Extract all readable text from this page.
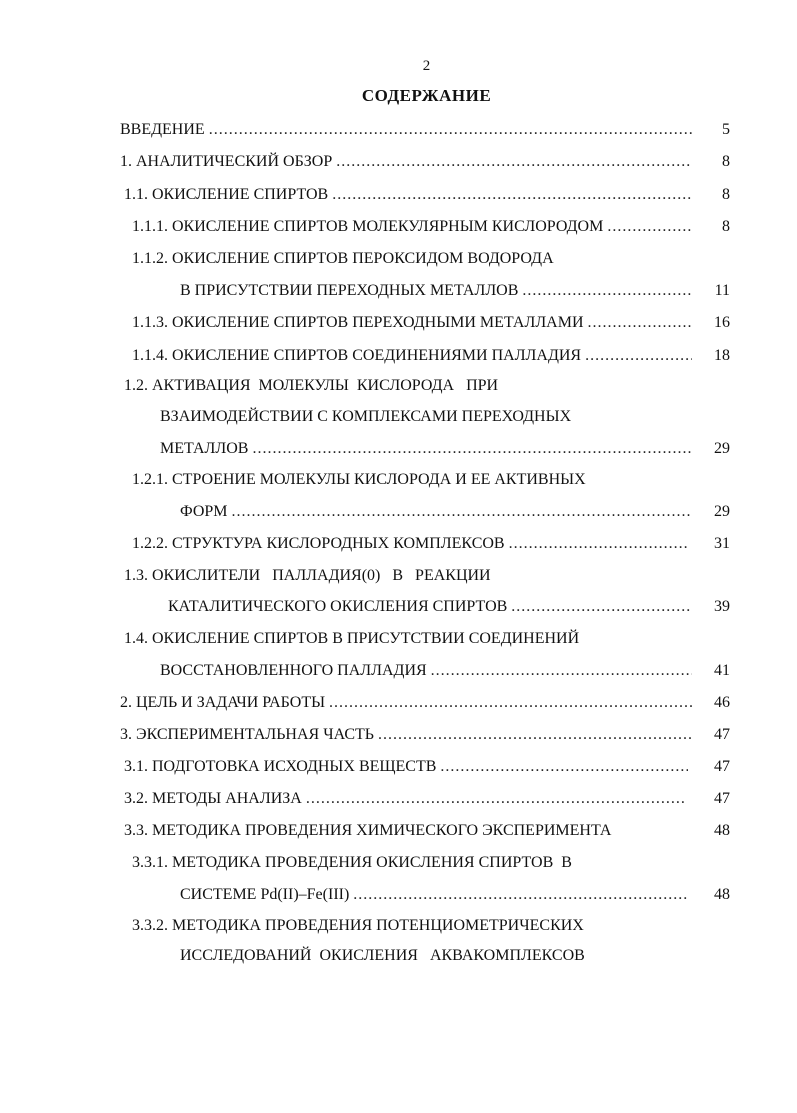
2
СОДЕРЖАНИЕ
ВВЕДЕНИЕ .....	5
1. АНАЛИТИЧЕСКИЙ ОБЗОР .....	8
1.1. ОКИСЛЕНИЕ СПИРТОВ .....	8
1.1.1. ОКИСЛЕНИЕ СПИРТОВ МОЛЕКУЛЯРНЫМ КИСЛОРОДОМ .....	8
1.1.2. ОКИСЛЕНИЕ СПИРТОВ ПЕРОКСИДОМ ВОДОРОДА
В ПРИСУТСТВИИ ПЕРЕХОДНЫХ МЕТАЛЛОВ .....	11
1.1.3. ОКИСЛЕНИЕ СПИРТОВ ПЕРЕХОДНЫМИ МЕТАЛЛАМИ .....	16
1.1.4. ОКИСЛЕНИЕ СПИРТОВ СОЕДИНЕНИЯМИ ПАЛЛАДИЯ .....	18
1.2. АКТИВАЦИЯ  МОЛЕКУЛЫ  КИСЛОРОДА   ПРИ
ВЗАИМОДЕЙСТВИИ С КОМПЛЕКСАМИ ПЕРЕХОДНЫХ
МЕТАЛЛОВ .....	29
1.2.1. СТРОЕНИЕ МОЛЕКУЛЫ КИСЛОРОДА И ЕЕ АКТИВНЫХ
ФОРМ .....	29
1.2.2. СТРУКТУРА КИСЛОРОДНЫХ КОМПЛЕКСОВ .....	31
1.3. ОКИСЛИТЕЛИ   ПАЛЛАДИЯ(0)   В   РЕАКЦИИ
КАТАЛИТИЧЕСКОГО ОКИСЛЕНИЯ СПИРТОВ .....	39
1.4. ОКИСЛЕНИЕ СПИРТОВ В ПРИСУТСТВИИ СОЕДИНЕНИЙ
ВОССТАНОВЛЕННОГО ПАЛЛАДИЯ .....	41
2. ЦЕЛЬ И ЗАДАЧИ РАБОТЫ .....	46
3. ЭКСПЕРИМЕНТАЛЬНАЯ ЧАСТЬ .....	47
3.1. ПОДГОТОВКА ИСХОДНЫХ ВЕЩЕСТВ .....	47
3.2. МЕТОДЫ АНАЛИЗА .....	47
3.3. МЕТОДИКА ПРОВЕДЕНИЯ ХИМИЧЕСКОГО ЭКСПЕРИМЕНТА	48
3.3.1. МЕТОДИКА ПРОВЕДЕНИЯ ОКИСЛЕНИЯ СПИРТОВ  В
СИСТЕМЕ Pd(II)–Fe(III) .....	48
3.3.2. МЕТОДИКА ПРОВЕДЕНИЯ ПОТЕНЦИОМЕТРИЧЕСКИХ
ИССЛЕДОВАНИЙ  ОКИСЛЕНИЯ   АКВАКОМПЛЕКСОВ
